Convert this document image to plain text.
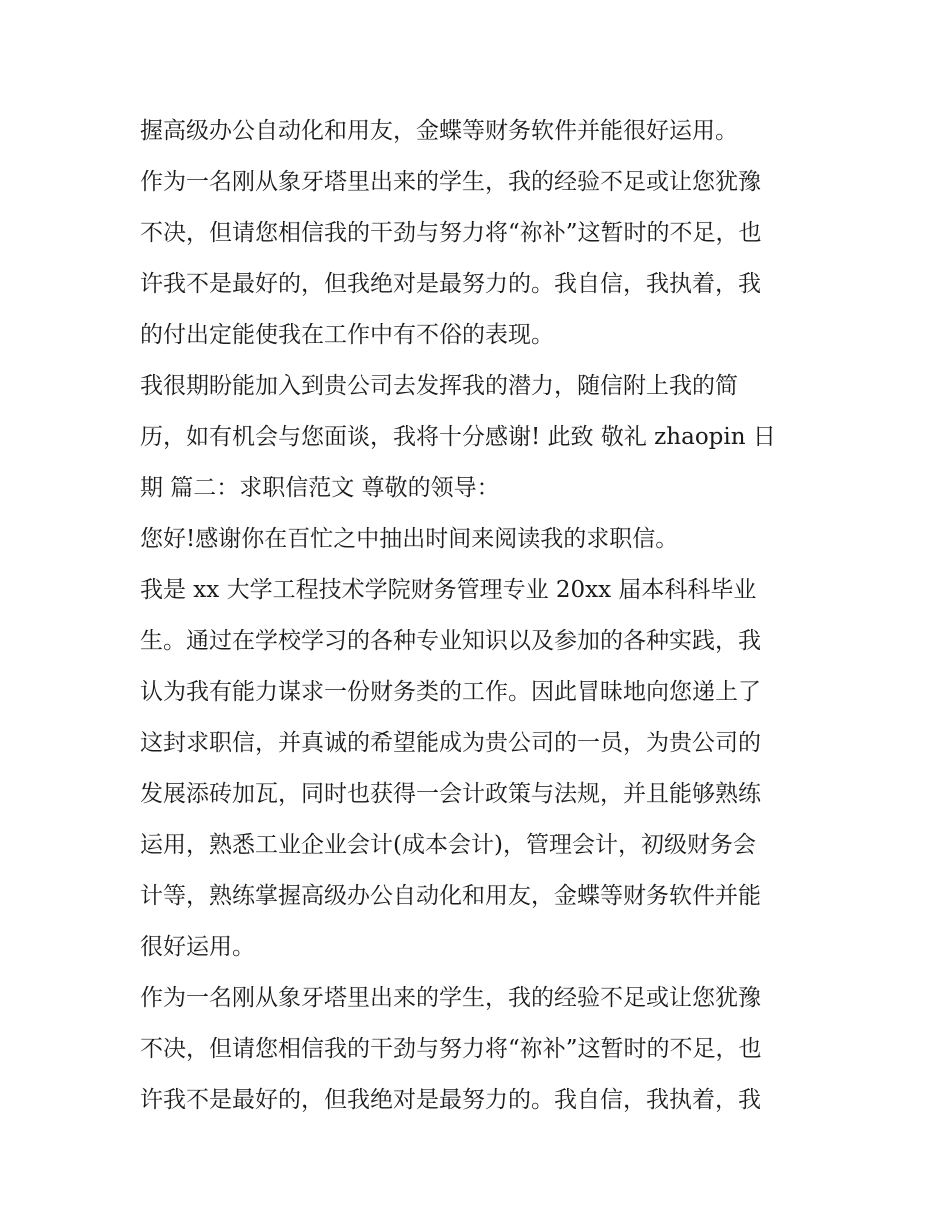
握高级办公自动化和用友，金蝶等财务软件并能很好运用。
作为一名刚从象牙塔里出来的学生，我的经验不足或让您犹豫
不决，但请您相信我的干劲与努力将“祢补”这暂时的不足，也
许我不是最好的，但我绝对是最努力的。我自信，我执着，我
的付出定能使我在工作中有不俗的表现。
我很期盼能加入到贵公司去发挥我的潜力，随信附上我的简
历，如有机会与您面谈，我将十分感谢! 此致 敬礼 zhaopin 日
期 篇二：求职信范文 尊敬的领导：
您好!感谢你在百忙之中抽出时间来阅读我的求职信。
我是 xx 大学工程技术学院财务管理专业 20xx 届本科科毕业
生。通过在学校学习的各种专业知识以及参加的各种实践，我
认为我有能力谋求一份财务类的工作。因此冒昧地向您递上了
这封求职信，并真诚的希望能成为贵公司的一员，为贵公司的
发展添砖加瓦，同时也获得一会计政策与法规，并且能够熟练
运用，熟悉工业企业会计(成本会计)，管理会计，初级财务会
计等，熟练掌握高级办公自动化和用友，金蝶等财务软件并能
很好运用。
作为一名刚从象牙塔里出来的学生，我的经验不足或让您犹豫
不决，但请您相信我的干劲与努力将“祢补”这暂时的不足，也
许我不是最好的，但我绝对是最努力的。我自信，我执着，我
